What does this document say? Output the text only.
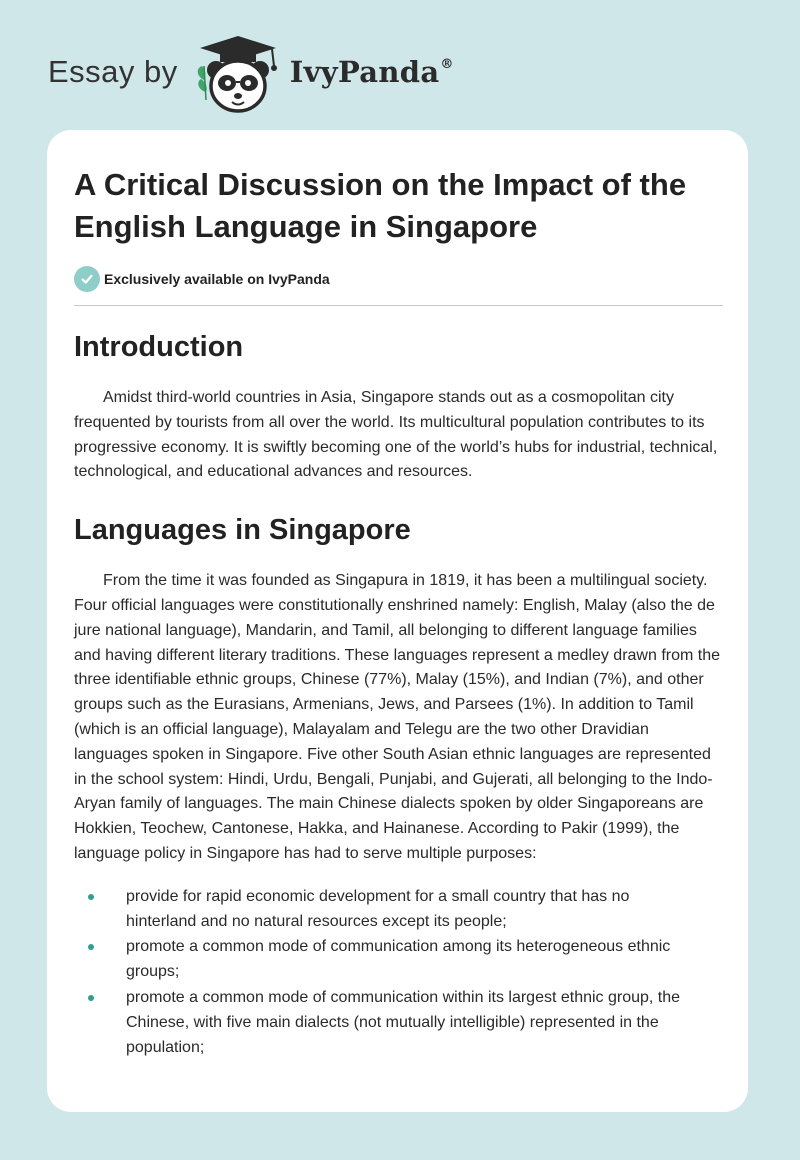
Essay by	IvyPanda®
A Critical Discussion on the Impact of the English Language in Singapore
Exclusively available on IvyPanda
Introduction

Amidst third-world countries in Asia, Singapore stands out as a cosmopolitan city frequented by tourists from all over the world. Its multicultural population contributes to its progressive economy. It is swiftly becoming one of the world’s hubs for industrial, technical, technological, and educational advances and resources.

Languages in Singapore

From the time it was founded as Singapura in 1819, it has been a multilingual society. Four official languages were constitutionally enshrined namely: English, Malay (also the de jure national language), Mandarin, and Tamil, all belonging to different language families and having different literary traditions. These languages represent a medley drawn from the three identifiable ethnic groups, Chinese (77%), Malay (15%), and Indian (7%), and other groups such as the Eurasians, Armenians, Jews, and Parsees (1%). In addition to Tamil (which is an official language), Malayalam and Telegu are the two other Dravidian languages spoken in Singapore. Five other South Asian ethnic languages are represented in the school system: Hindi, Urdu, Bengali, Punjabi, and Gujerati, all belonging to the Indo-Aryan family of languages. The main Chinese dialects spoken by older Singaporeans are Hokkien, Teochew, Cantonese, Hakka, and Hainanese. According to Pakir (1999), the language policy in Singapore has had to serve multiple purposes:

provide for rapid economic development for a small country that has no hinterland and no natural resources except its people;
promote a common mode of communication among its heterogeneous ethnic groups;
promote a common mode of communication within its largest ethnic group, the Chinese, with five main dialects (not mutually intelligible) represented in the population;
